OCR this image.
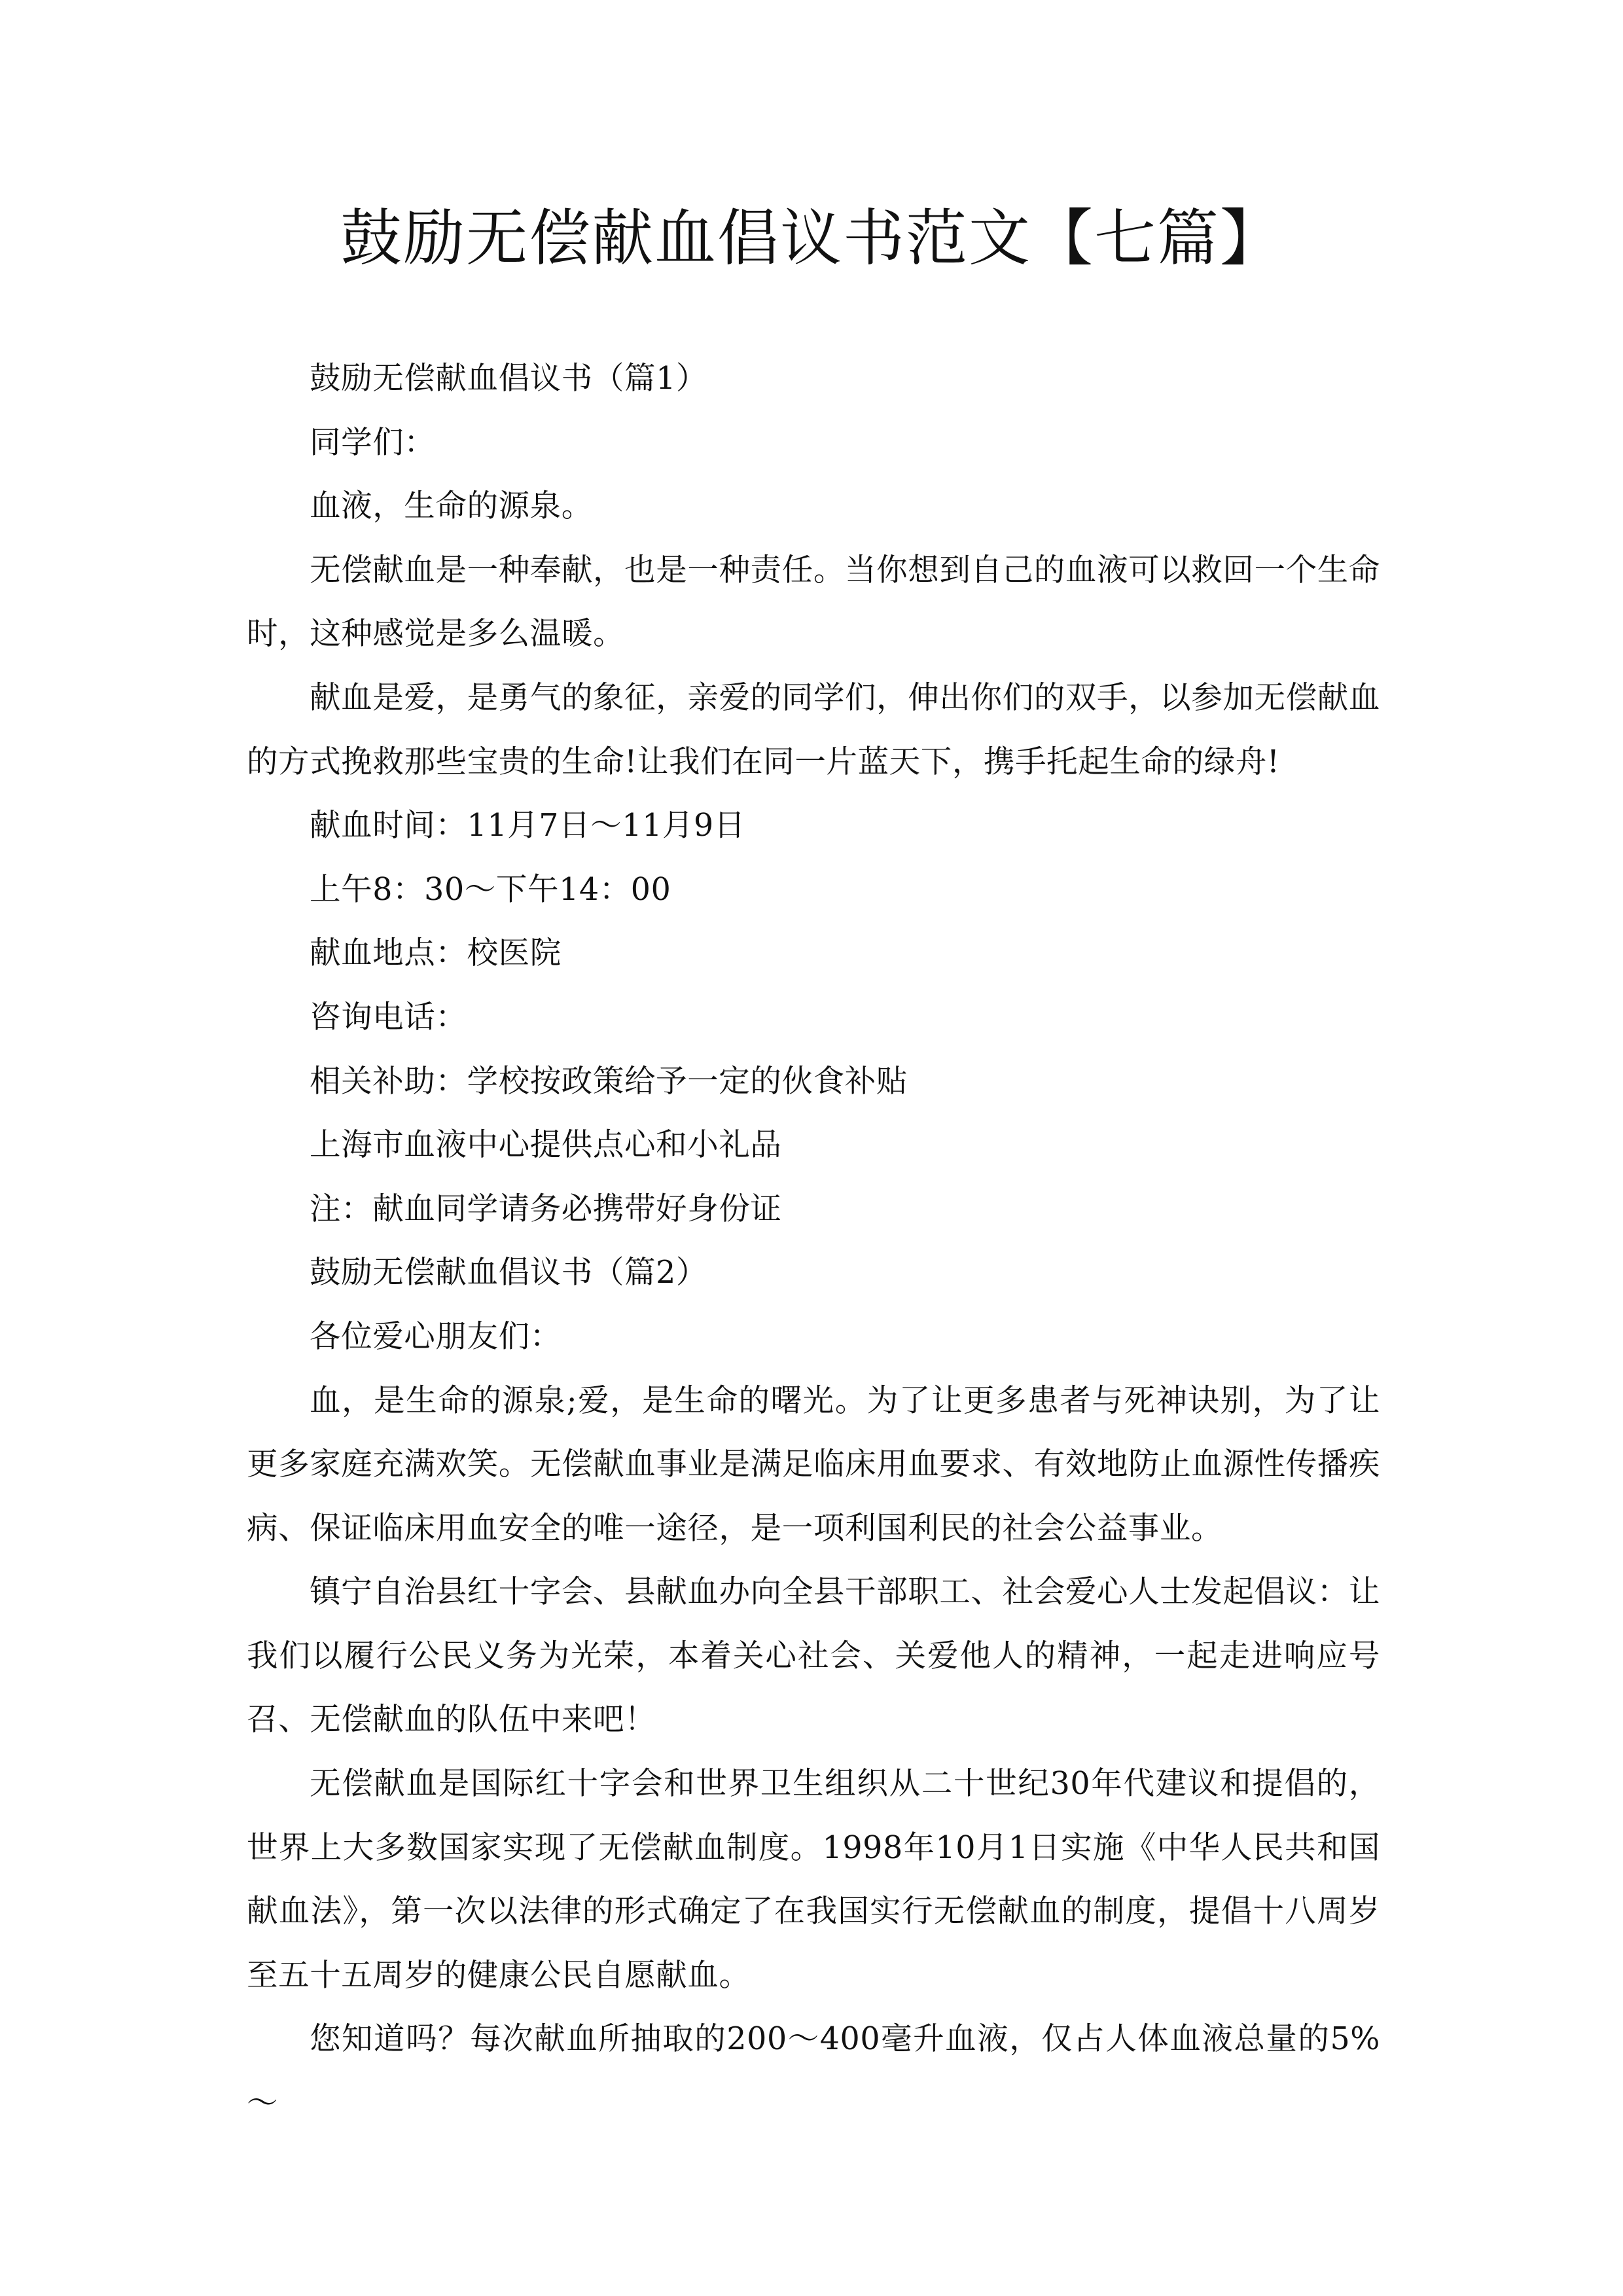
鼓励无偿献血倡议书范文【七篇】

鼓励无偿献血倡议书（篇1）

同学们：

血液，生命的源泉。

无偿献血是一种奉献，也是一种责任。当你想到自己的血液可以救回一个生命时，这种感觉是多么温暖。

献血是爱，是勇气的象征，亲爱的同学们，伸出你们的双手，以参加无偿献血的方式挽救那些宝贵的生命!让我们在同一片蓝天下，携手托起生命的绿舟!

献血时间：11月7日～11月9日

上午8：30～下午14：00

献血地点：校医院

咨询电话：

相关补助：学校按政策给予一定的伙食补贴

上海市血液中心提供点心和小礼品

注：献血同学请务必携带好身份证

鼓励无偿献血倡议书（篇2）

各位爱心朋友们：

血，是生命的源泉;爱，是生命的曙光。为了让更多患者与死神诀别，为了让更多家庭充满欢笑。无偿献血事业是满足临床用血要求、有效地防止血源性传播疾病、保证临床用血安全的唯一途径，是一项利国利民的社会公益事业。

镇宁自治县红十字会、县献血办向全县干部职工、社会爱心人士发起倡议：让我们以履行公民义务为光荣，本着关心社会、关爱他人的精神，一起走进响应号召、无偿献血的队伍中来吧！

无偿献血是国际红十字会和世界卫生组织从二十世纪30年代建议和提倡的，世界上大多数国家实现了无偿献血制度。1998年10月1日实施《中华人民共和国献血法》，第一次以法律的形式确定了在我国实行无偿献血的制度，提倡十八周岁至五十五周岁的健康公民自愿献血。

您知道吗？每次献血所抽取的200～400毫升血液，仅占人体血液总量的5%～
